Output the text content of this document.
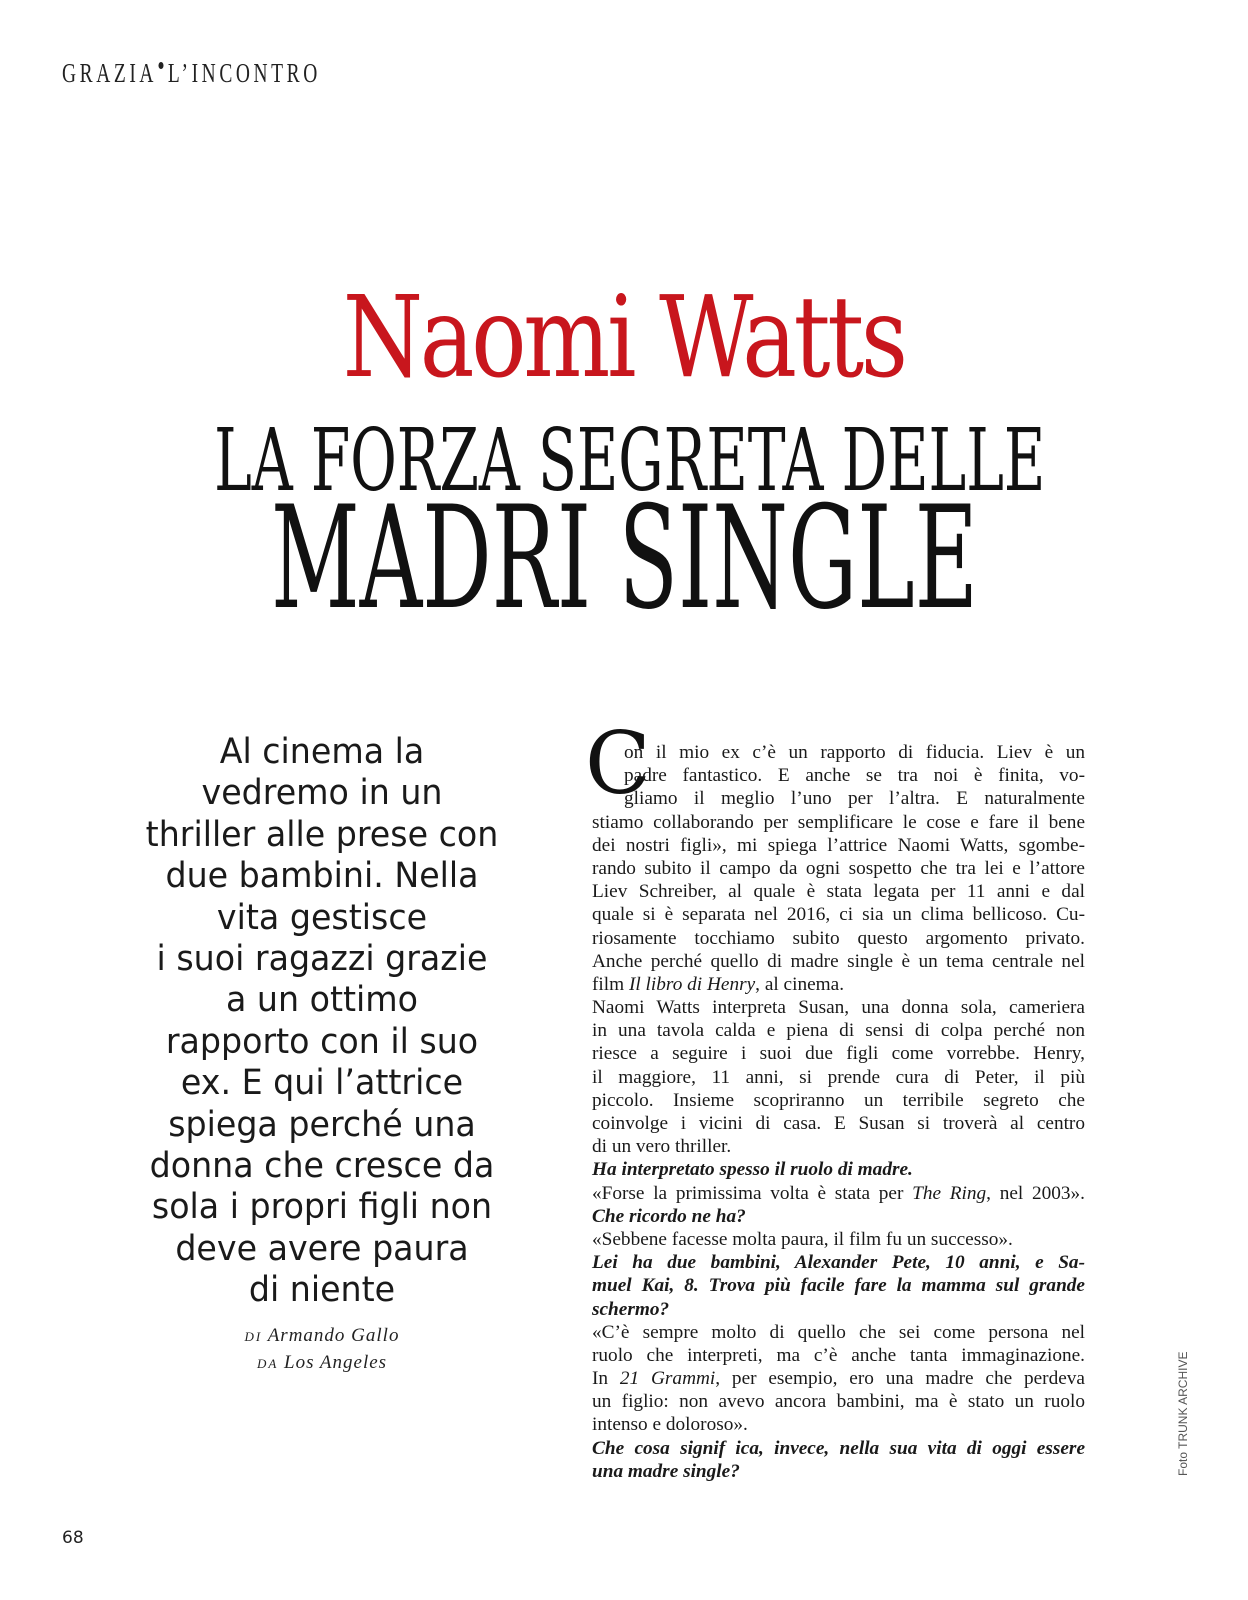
GRAZIA L’INCONTRO
Naomi Watts
LA FORZA SEGRETA DELLE
MADRI SINGLE
Al cinema la
vedremo in un
thriller alle prese con
due bambini. Nella
vita gestisce
i suoi ragazzi grazie
a un ottimo
rapporto con il suo
ex. E qui l’attrice
spiega perché una
donna che cresce da
sola i propri figli non
deve avere paura
di niente
DI Armando Gallo
DA Los Angeles
C
on il mio ex c’è un rapporto di fiducia. Liev è un
padre fantastico. E anche se tra noi è finita, vo-
gliamo il meglio l’uno per l’altra. E naturalmente
stiamo collaborando per semplificare le cose e fare il bene
dei nostri figli», mi spiega l’attrice Naomi Watts, sgombe-
rando subito il campo da ogni sospetto che tra lei e l’attore
Liev Schreiber, al quale è stata legata per 11 anni e dal
quale si è separata nel 2016, ci sia un clima bellicoso. Cu-
riosamente tocchiamo subito questo argomento privato.
Anche perché quello di madre single è un tema centrale nel
film Il libro di Henry, al cinema.
Naomi Watts interpreta Susan, una donna sola, cameriera
in una tavola calda e piena di sensi di colpa perché non
riesce a seguire i suoi due figli come vorrebbe. Henry,
il maggiore, 11 anni, si prende cura di Peter, il più
piccolo. Insieme scopriranno un terribile segreto che
coinvolge i vicini di casa. E Susan si troverà al centro
di un vero thriller.
Ha interpretato spesso il ruolo di madre.
«Forse la primissima volta è stata per The Ring, nel 2003».
Che ricordo ne ha?
«Sebbene facesse molta paura, il film fu un successo».
Lei ha due bambini, Alexander Pete, 10 anni, e Sa-
muel Kai, 8. Trova più facile fare la mamma sul grande
schermo?
«C’è sempre molto di quello che sei come persona nel
ruolo che interpreti, ma c’è anche tanta immaginazione.
In 21 Grammi, per esempio, ero una madre che perdeva
un figlio: non avevo ancora bambini, ma è stato un ruolo
intenso e doloroso».
Che cosa signif ica, invece, nella sua vita di oggi essere
una madre single?	Foto TRUNK ARCHIVE
68
